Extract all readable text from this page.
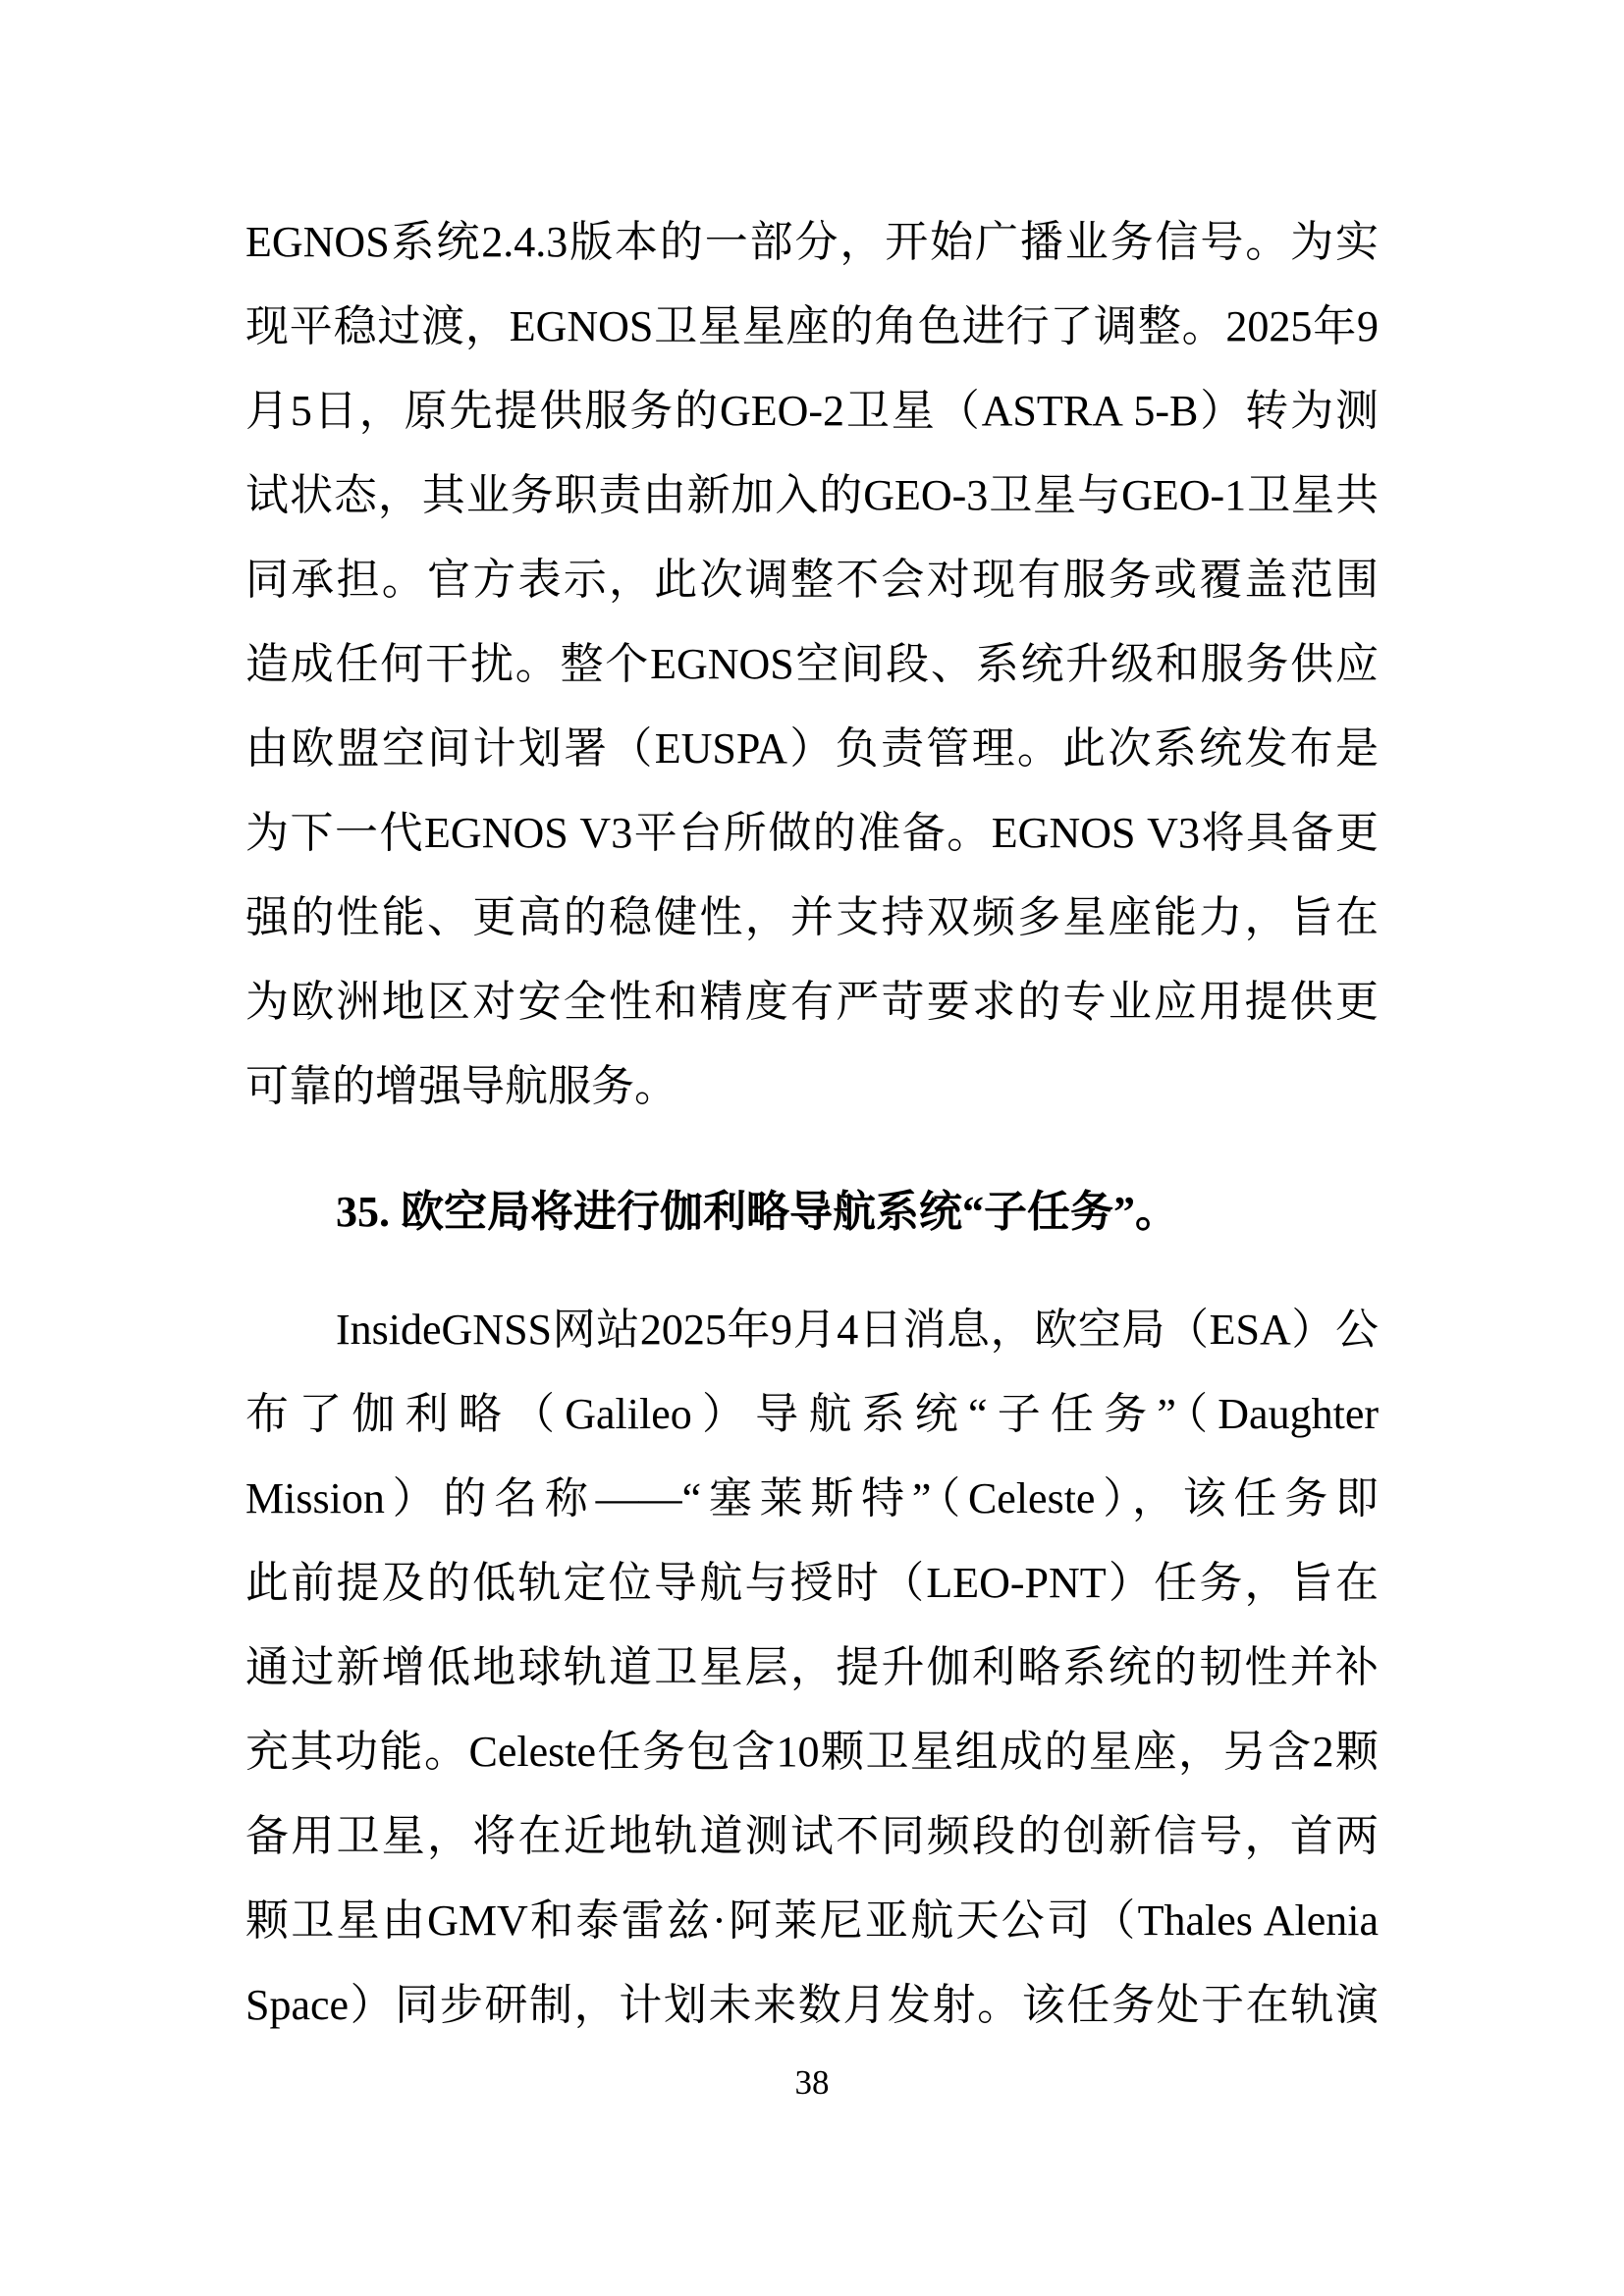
EGNOS系统2.4.3版本的一部分，开始广播业务信号。为实
现平稳过渡，EGNOS卫星星座的角色进行了调整。2025年9
月5日，原先提供服务的GEO-2卫星（ASTRA 5-B）转为测
试状态，其业务职责由新加入的GEO-3卫星与GEO-1卫星共
同承担。官方表示，此次调整不会对现有服务或覆盖范围
造成任何干扰。整个EGNOS空间段、系统升级和服务供应
由欧盟空间计划署（EUSPA）负责管理。此次系统发布是
为下一代EGNOS V3平台所做的准备。EGNOS V3将具备更
强的性能、更高的稳健性，并支持双频多星座能力，旨在
为欧洲地区对安全性和精度有严苛要求的专业应用提供更
可靠的增强导航服务。
35. 欧空局将进行伽利略导航系统“子任务”。
InsideGNSS网站2025年9月4日消息，欧空局（ESA）公
布了伽利略（Galileo）导航系统“子任务”（Daughter
Mission）的名称——“塞莱斯特”（Celeste），该任务即
此前提及的低轨定位导航与授时（LEO-PNT）任务，旨在
通过新增低地球轨道卫星层，提升伽利略系统的韧性并补
充其功能。Celeste任务包含10颗卫星组成的星座，另含2颗
备用卫星，将在近地轨道测试不同频段的创新信号，首两
颗卫星由GMV和泰雷兹·阿莱尼亚航天公司（Thales Alenia
Space）同步研制，计划未来数月发射。该任务处于在轨演
38
